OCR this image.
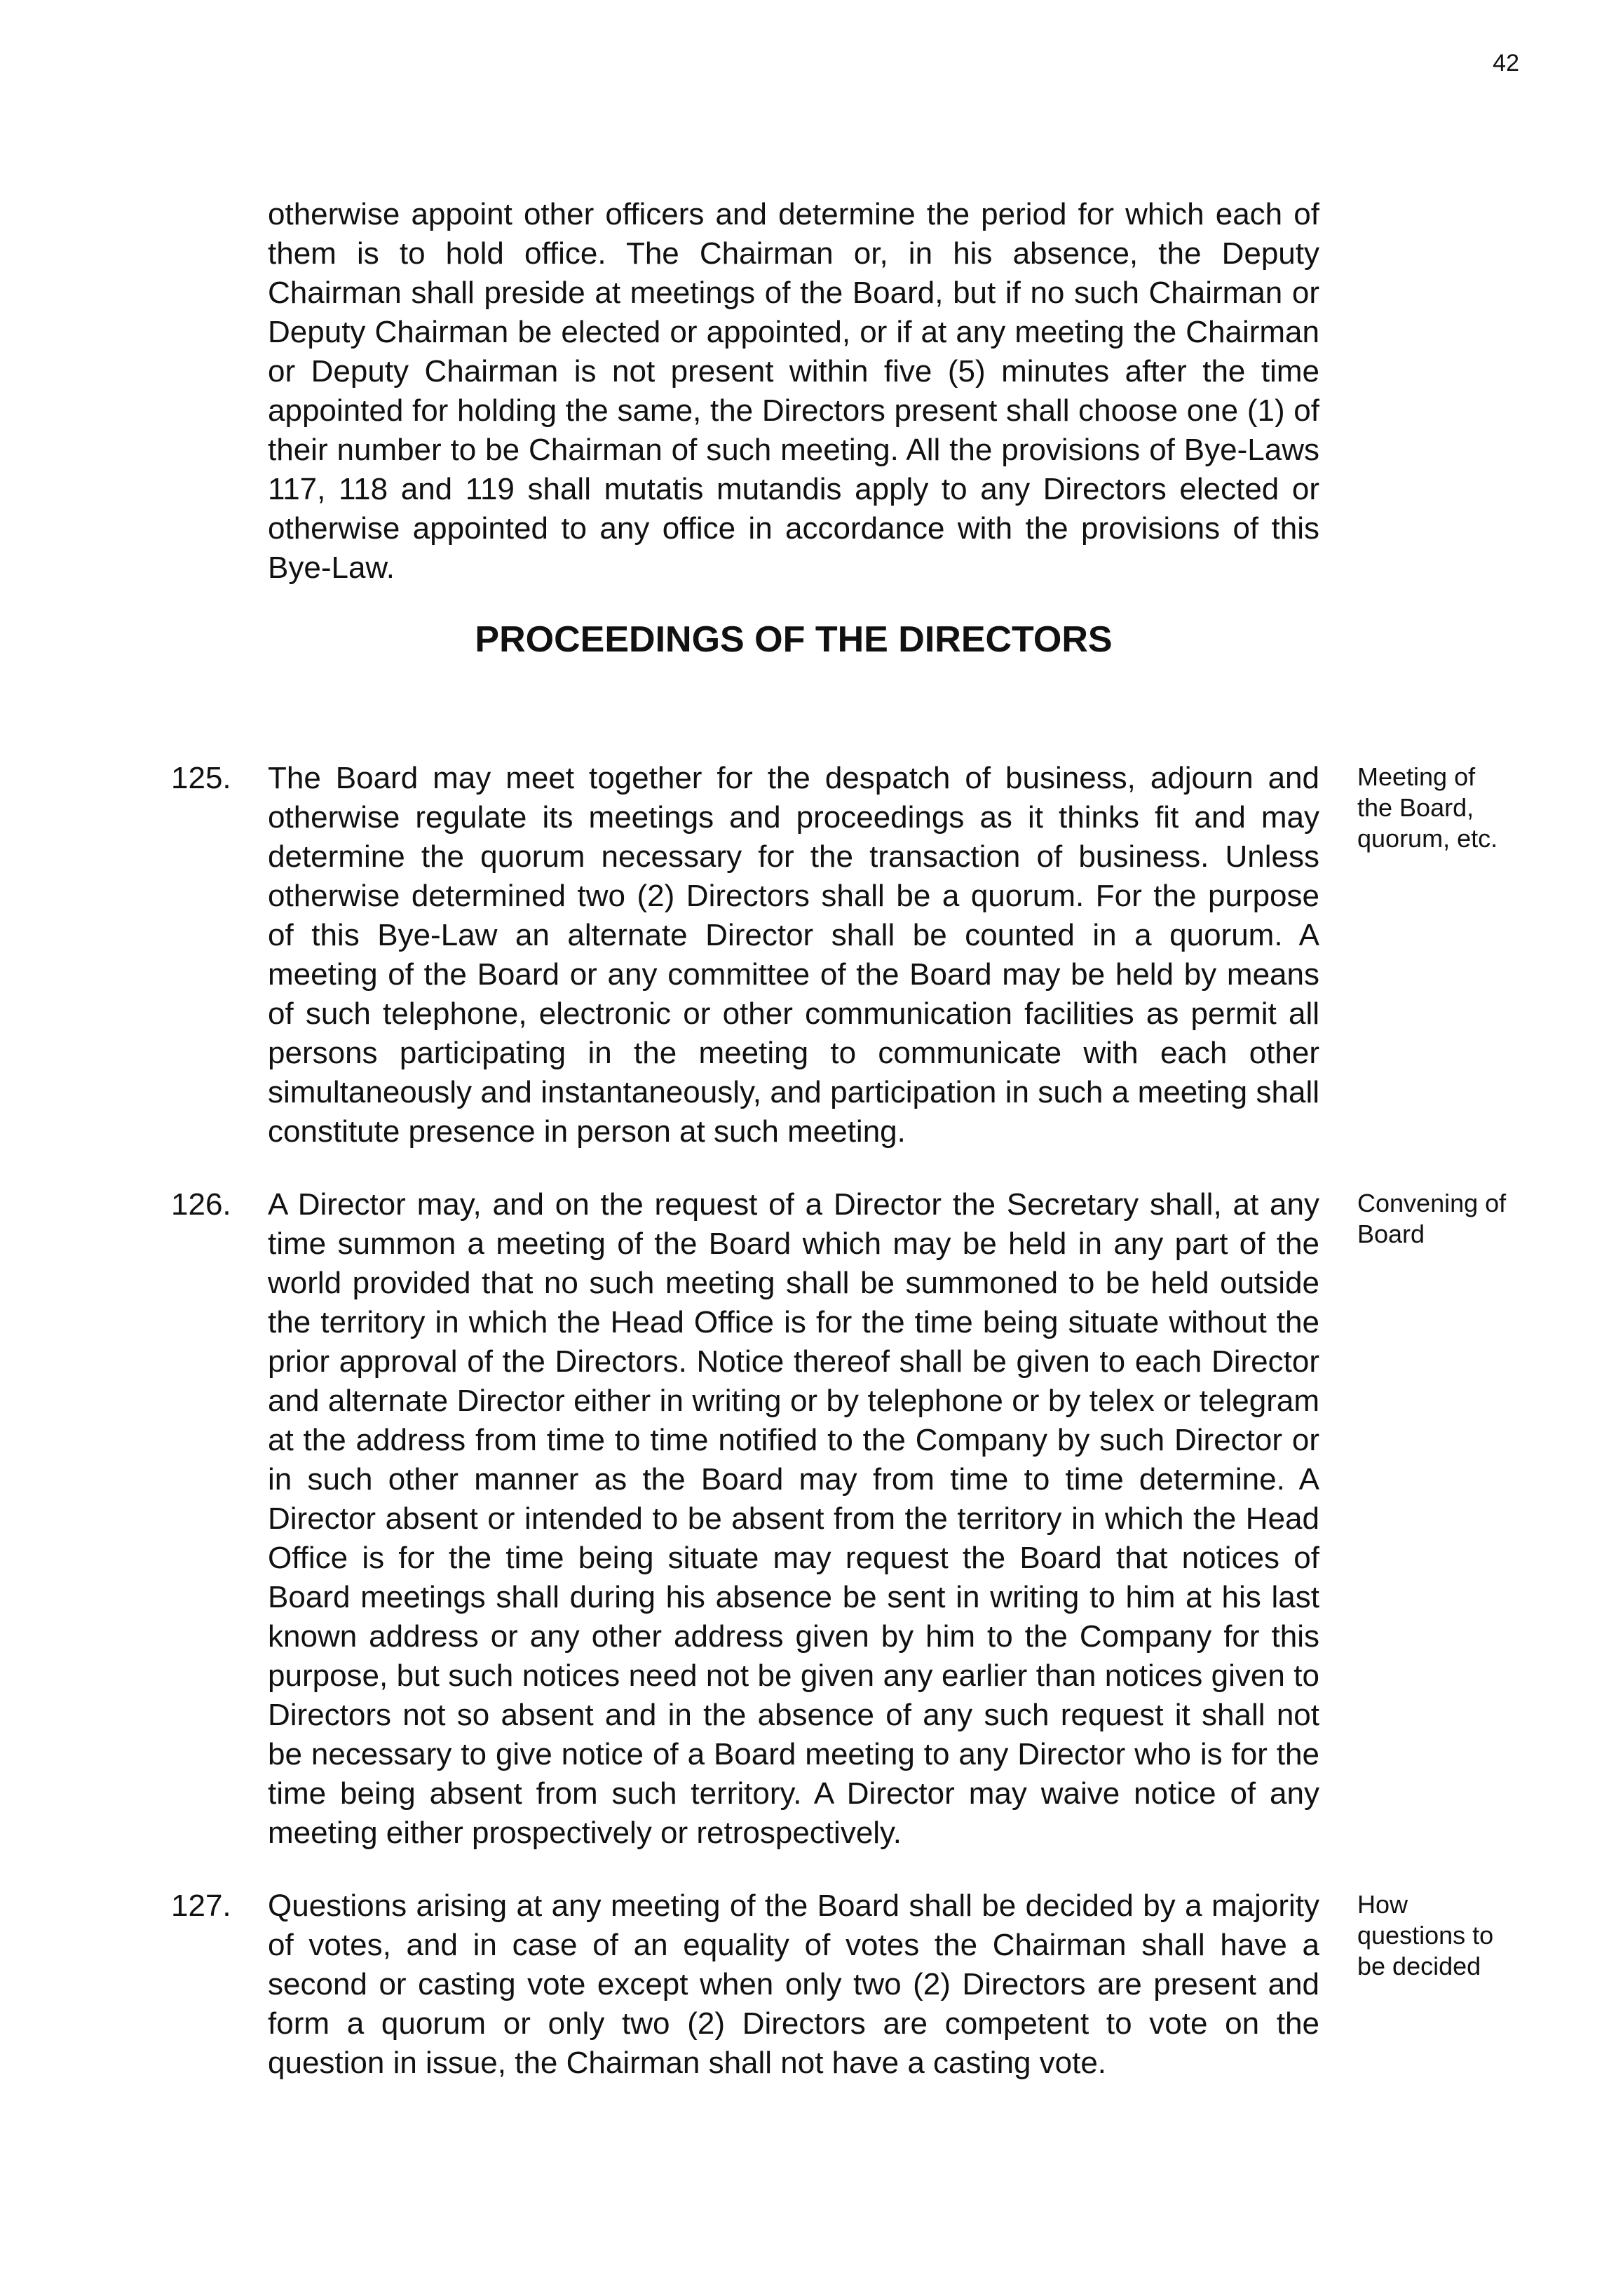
42

otherwise appoint other officers and determine the period for which each of them is to hold office. The Chairman or, in his absence, the Deputy Chairman shall preside at meetings of the Board, but if no such Chairman or Deputy Chairman be elected or appointed, or if at any meeting the Chairman or Deputy Chairman is not present within five (5) minutes after the time appointed for holding the same, the Directors present shall choose one (1) of their number to be Chairman of such meeting. All the provisions of Bye-Laws 117, 118 and 119 shall mutatis mutandis apply to any Directors elected or otherwise appointed to any office in accordance with the provisions of this Bye-Law.

PROCEEDINGS OF THE DIRECTORS
125. The Board may meet together for the despatch of business, adjourn and otherwise regulate its meetings and proceedings as it thinks fit and may determine the quorum necessary for the transaction of business. Unless otherwise determined two (2) Directors shall be a quorum. For the purpose of this Bye-Law an alternate Director shall be counted in a quorum. A meeting of the Board or any committee of the Board may be held by means of such telephone, electronic or other communication facilities as permit all persons participating in the meeting to communicate with each other simultaneously and instantaneously, and participation in such a meeting shall constitute presence in person at such meeting.

Meeting of
the Board,
quorum, etc.
126. A Director may, and on the request of a Director the Secretary shall, at any time summon a meeting of the Board which may be held in any part of the world provided that no such meeting shall be summoned to be held outside the territory in which the Head Office is for the time being situate without the prior approval of the Directors. Notice thereof shall be given to each Director and alternate Director either in writing or by telephone or by telex or telegram at the address from time to time notified to the Company by such Director or in such other manner as the Board may from time to time determine. A Director absent or intended to be absent from the territory in which the Head Office is for the time being situate may request the Board that notices of Board meetings shall during his absence be sent in writing to him at his last known address or any other address given by him to the Company for this purpose, but such notices need not be given any earlier than notices given to Directors not so absent and in the absence of any such request it shall not be necessary to give notice of a Board meeting to any Director who is for the time being absent from such territory. A Director may waive notice of any meeting either prospectively or retrospectively.

Convening of
Board
127. Questions arising at any meeting of the Board shall be decided by a majority of votes, and in case of an equality of votes the Chairman shall have a second or casting vote except when only two (2) Directors are present and form a quorum or only two (2) Directors are competent to vote on the question in issue, the Chairman shall not have a casting vote.

How
questions to
be decided
